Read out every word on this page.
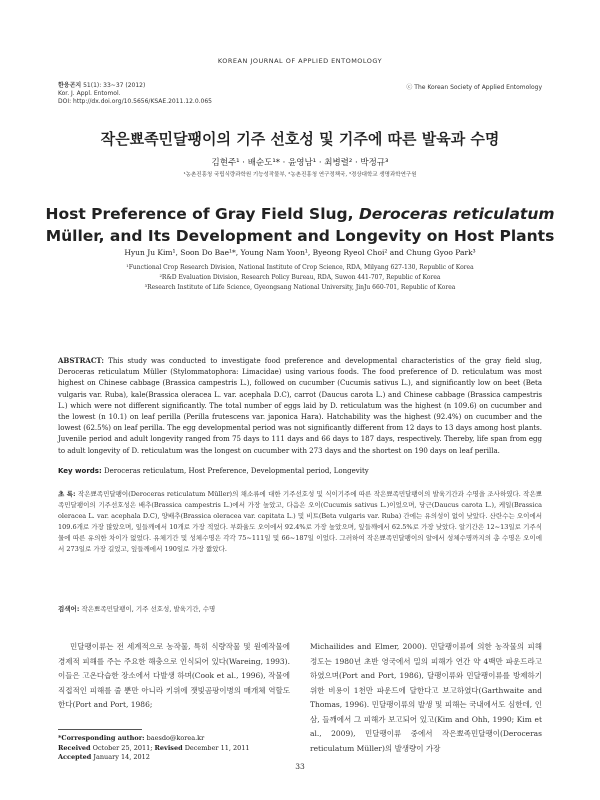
KOREAN JOURNAL OF APPLIED ENTOMOLOGY
한응곤지 51(1): 33~37 (2012)
Kor. J. Appl. Entomol.
DOI: http://dx.doi.org/10.5656/KSAE.2011.12.0.065
ⓒ The Korean Society of Applied Entomology
작은뾰족민달팽이의 기주 선호성 및 기주에 따른 발육과 수명
김현주¹ · 배순도¹* · 윤영남¹ · 최병렬² · 박정규³
¹농촌진흥청 국립식량과학원 기능성작물부, ²농촌진흥청 연구정책국, ³경상대학교 생명과학연구원
Host Preference of Gray Field Slug, Deroceras reticulatum Müller, and Its Development and Longevity on Host Plants
Hyun Ju Kim¹, Soon Do Bae¹*, Young Nam Yoon¹, Byeong Ryeol Choi² and Chung Gyoo Park³
¹Functional Crop Research Division, National Institute of Crop Science, RDA, Milyang 627-130, Republic of Korea
²R&D Evaluation Division, Research Policy Bureau, RDA, Suwon 441-707, Republic of Korea
³Research Institute of Life Science, Gyeongsang National University, JinJu 660-701, Republic of Korea
ABSTRACT: This study was conducted to investigate food preference and developmental characteristics of the gray field slug, Deroceras reticulatum Müller (Stylommatophora: Limacidae) using various foods. The food preference of D. reticulatum was most highest on Chinese cabbage (Brassica campestris L.), followed on cucumber (Cucumis sativus L.), and significantly low on beet (Beta vulgaris var. Ruba), kale(Brassica oleracea L. var. acephala D.C), carrot (Daucus carota L.) and Chinese cabbage (Brassica campestris L.) which were not different significantly. The total number of eggs laid by D. reticulatum was the highest (n 109.6) on cucumber and the lowest (n 10.1) on leaf perilla (Perilla frutescens var. japonica Hara). Hatchability was the highest (92.4%) on cucumber and the lowest (62.5%) on leaf perilla. The egg developmental period was not significantly different from 12 days to 13 days among host plants. Juvenile period and adult longevity ranged from 75 days to 111 days and 66 days to 187 days, respectively. Thereby, life span from egg to adult longevity of D. reticulatum was the longest on cucumber with 273 days and the shortest on 190 days on leaf perilla.
Key words: Deroceras reticulatum, Host Preference, Developmental period, Longevity
초 록: 작은뾰족민달팽이(Deroceras reticulatum Müller)의 채소류에 대한 기주선호성 및 식이기주에 따른 작은뾰족민달팽이의 발육기간과 수명을 조사하였다. 작은뾰족민달팽이의 기주선호성은 배추(Brassica campestris L.)에서 가장 높았고, 다음은 오이(Cucumis sativus L.)이었으며, 당근(Daucus carota L.), 케일(Brassica oleracea L. var. acephala D.C), 양배추(Brassica oleracea var. capitata L.) 및 비트(Beta vulgaris var. Ruba) 간에는 유의성이 없이 낮았다. 산란수는 오이에서 109.6개로 가장 많았으며, 잎들깨에서 10개로 가장 적었다. 부화율도 오이에서 92.4%로 가장 높았으며, 잎들깨에서 62.5%로 가장 낮았다. 알기간은 12~13일로 기주식물에 따른 유의한 차이가 없었다. 유체기간 및 성체수명은 각각 75~111일 및 66~187일 이었다. 그러하여 작은뾰족민달팽이의 알에서 성체수명까지의 총 수명은 오이에서 273일로 가장 길었고, 잎들깨에서 190일로 가장 짧았다.
검색어: 작은뾰족민달팽이, 기주 선호성, 발육기간, 수명
민달팽이류는 전 세계적으로 농작물, 특히 식량작물 및 원예작물에 경제적 피해를 주는 주요한 해충으로 인식되어 있다(Wareing, 1993). 이들은 고온다습한 장소에서 다발생 하며(Cook et al., 1996), 작물에 직접적인 피해를 줄 뿐만 아니라 키위에 잿빛곰팡이병의 매개체 역할도 한다(Port and Port, 1986;
Michailides and Elmer, 2000). 민달팽이류에 의한 농작물의 피해정도는 1980년 초반 영국에서 밀의 피해가 연간 약 4백만 파운드라고 하였으며(Port and Port, 1986), 달팽이류와 민달팽이류를 방제하기 위한 비용이 1천만 파운드에 달한다고 보고하였다(Garthwaite and Thomas, 1996). 민달팽이류의 발생 및 피해는 국내에서도 심한데, 인삼, 들깨에서 그 피해가 보고되어 있고(Kim and Ohh, 1990; Kim et al., 2009), 민달팽이류 중에서 작은뾰족민달팽이(Deroceras reticulatum Müller)의 발생량이 가장
*Corresponding author: baesdo@korea.kr
Received October 25, 2011; Revised December 11, 2011
Accepted January 14, 2012
33
